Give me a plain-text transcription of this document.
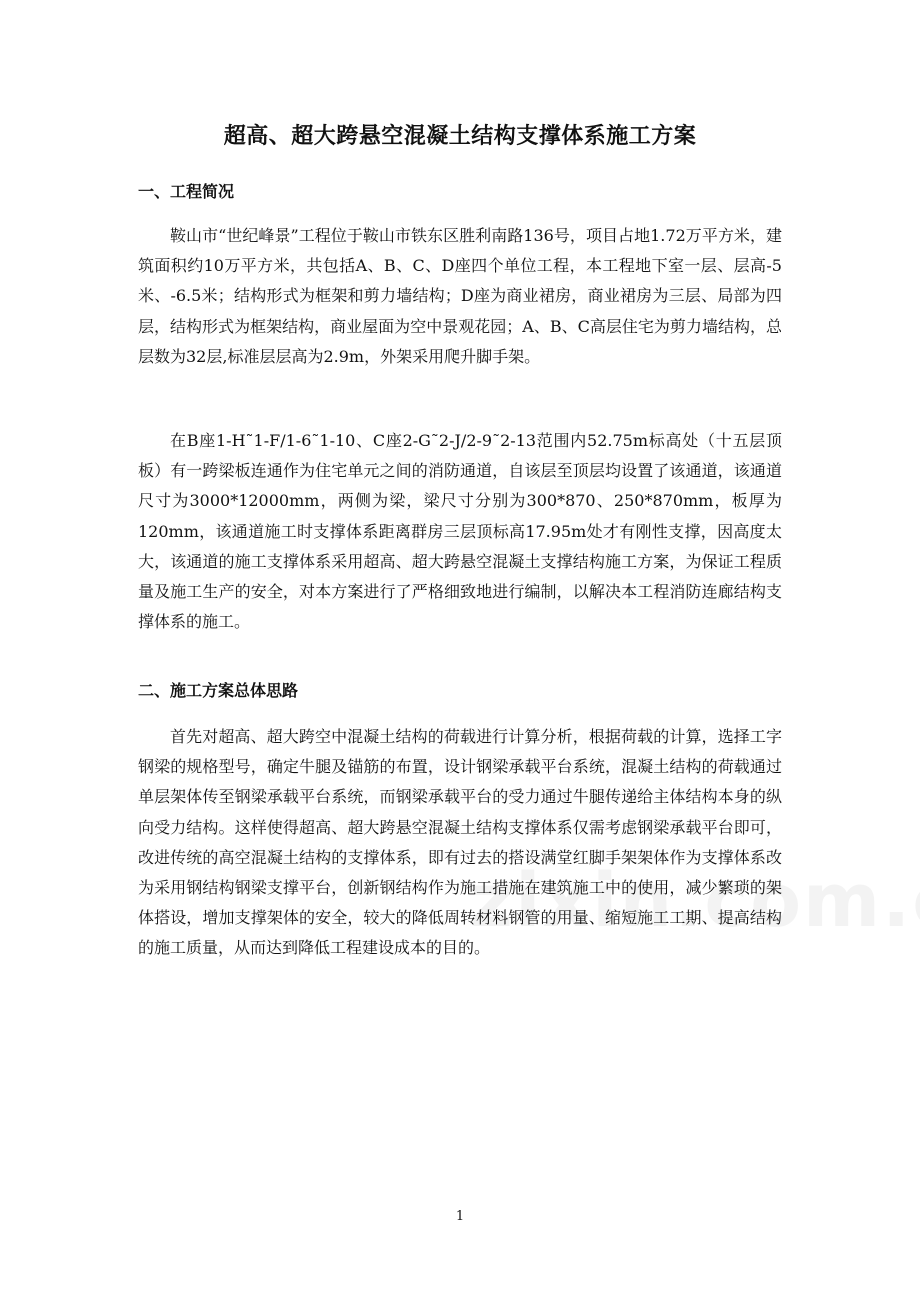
超高、超大跨悬空混凝土结构支撑体系施工方案
一、工程简况

鞍山市“世纪峰景”工程位于鞍山市铁东区胜利南路136号，项目占地1.72万平方米，建筑面积约10万平方米，共包括A、B、C、D座四个单位工程，本工程地下室一层、层高-5米、-6.5米；结构形式为框架和剪力墙结构；D座为商业裙房，商业裙房为三层、局部为四层，结构形式为框架结构，商业屋面为空中景观花园；A、B、C高层住宅为剪力墙结构，总层数为32层,标准层层高为2.9m，外架采用爬升脚手架。

在B座1-H˜1-F/1-6˜1-10、C座2-G˜2-J/2-9˜2-13范围内52.75m标高处（十五层顶板）有一跨梁板连通作为住宅单元之间的消防通道，自该层至顶层均设置了该通道，该通道尺寸为3000*12000mm，两侧为梁，梁尺寸分别为300*870、250*870mm，板厚为120mm，该通道施工时支撑体系距离群房三层顶标高17.95m处才有刚性支撑，因高度太大，该通道的施工支撑体系采用超高、超大跨悬空混凝土支撑结构施工方案，为保证工程质量及施工生产的安全，对本方案进行了严格细致地进行编制，以解决本工程消防连廊结构支撑体系的施工。

二、施工方案总体思路

首先对超高、超大跨空中混凝土结构的荷载进行计算分析，根据荷载的计算，选择工字钢梁的规格型号，确定牛腿及锚筋的布置，设计钢梁承载平台系统，混凝土结构的荷载通过单层架体传至钢梁承载平台系统，而钢梁承载平台的受力通过牛腿传递给主体结构本身的纵向受力结构。这样使得超高、超大跨悬空混凝土结构支撑体系仅需考虑钢梁承载平台即可，改进传统的高空混凝土结构的支撑体系，即有过去的搭设满堂红脚手架架体作为支撑体系改为采用钢结构钢梁支撑平台，创新钢结构作为施工措施在建筑施工中的使用，减少繁琐的架体搭设，增加支撑架体的安全，较大的降低周转材料钢管的用量、缩短施工工期、提高结构的施工质量，从而达到降低工程建设成本的目的。

1
